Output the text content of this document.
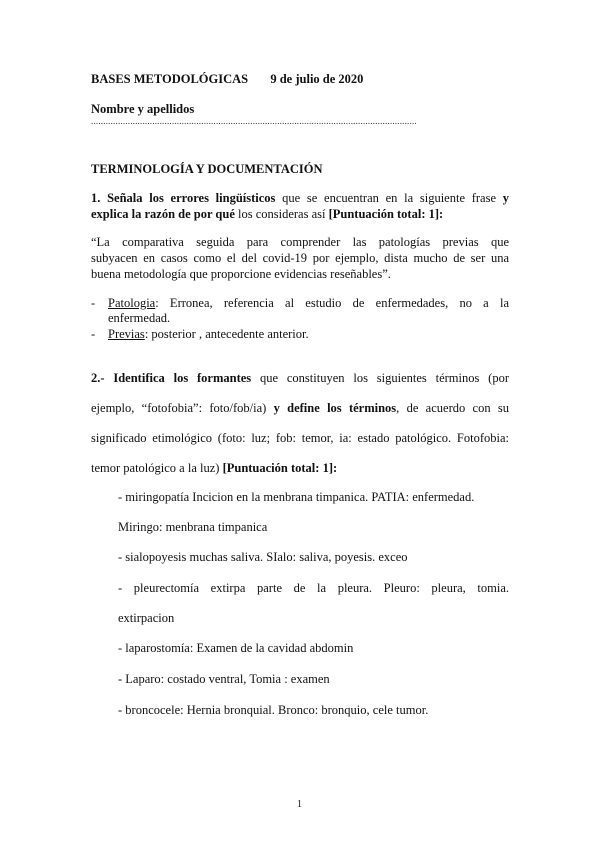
BASES METODOLÓGICAS 9 de julio de 2020
Nombre y apellidos
.....................................................................................................................................
TERMINOLOGÍA Y DOCUMENTACIÓN
1. Señala los errores lingüísticos que se encuentran en la siguiente frase y
explica la razón de por qué los consideras así [Puntuación total: 1]:
“La comparativa seguida para comprender las patologías previas que
subyacen en casos como el del covid-19 por ejemplo, dista mucho de ser una
buena metodología que proporcione evidencias reseñables”.
- Patologia: Erronea, referencia al estudio de enfermedades, no a la
enfermedad.
- Previas: posterior , antecedente anterior.
2.- Identifica los formantes que constituyen los siguientes términos (por
ejemplo, “fotofobia”: foto/fob/ia) y define los términos, de acuerdo con su
significado etimológico (foto: luz; fob: temor, ia: estado patológico. Fotofobia:
temor patológico a la luz) [Puntuación total: 1]:
- miringopatía Incicion en la menbrana timpanica. PATIA: enfermedad.
Miringo: menbrana timpanica
- sialopoyesis muchas saliva. SIalo: saliva, poyesis. exceo
- pleurectomía extirpa parte de la pleura. Pleuro: pleura, tomia.
extirpacion
- laparostomía: Examen de la cavidad abdomin
- Laparo: costado ventral, Tomia : examen
- broncocele: Hernia bronquial. Bronco: bronquio, cele tumor.
1
